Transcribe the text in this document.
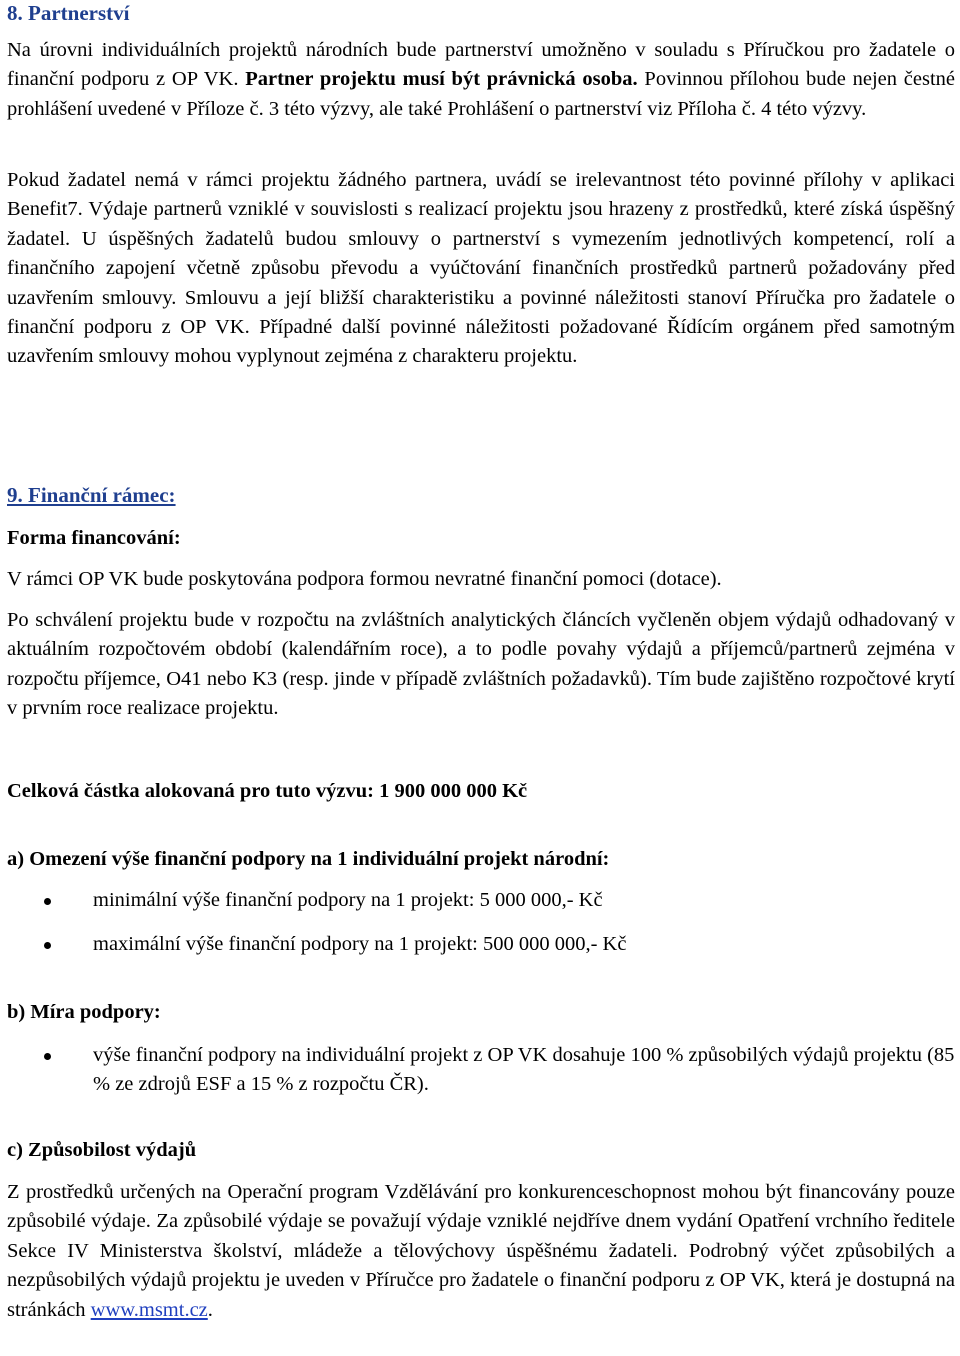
8. Partnerství

Na úrovni individuálních projektů národních bude partnerství umožněno v souladu s Příručkou pro žadatele o finanční podporu z OP VK. Partner projektu musí být právnická osoba. Povinnou přílohou bude nejen čestné prohlášení uvedené v Příloze č. 3 této výzvy, ale také Prohlášení o partnerství viz Příloha č. 4 této výzvy.

Pokud žadatel nemá v rámci projektu žádného partnera, uvádí se irelevantnost této povinné přílohy v aplikaci Benefit7. Výdaje partnerů vzniklé v souvislosti s realizací projektu jsou hrazeny z prostředků, které získá úspěšný žadatel. U úspěšných žadatelů budou smlouvy o partnerství s vymezením jednotlivých kompetencí, rolí a finančního zapojení včetně způsobu převodu a vyúčtování finančních prostředků partnerů požadovány před uzavřením smlouvy. Smlouvu a její bližší charakteristiku a povinné náležitosti stanoví Příručka pro žadatele o finanční podporu z OP VK. Případné další povinné náležitosti požadované Řídícím orgánem před samotným uzavřením smlouvy mohou vyplynout zejména z charakteru projektu.

9. Finanční rámec:
Forma financování:
V rámci OP VK bude poskytována podpora formou nevratné finanční pomoci (dotace).

Po schválení projektu bude v rozpočtu na zvláštních analytických článcích vyčleněn objem výdajů odhadovaný v aktuálním rozpočtovém období (kalendářním roce), a to podle povahy výdajů a příjemců/partnerů zejména v rozpočtu příjemce, O41 nebo K3 (resp. jinde v případě zvláštních požadavků). Tím bude zajištěno rozpočtové krytí v prvním roce realizace projektu.

Celková částka alokovaná pro tuto výzvu: 1 900 000 000 Kč
a) Omezení výše finanční podpory na 1 individuální projekt národní:
minimální výše finanční podpory na 1 projekt: 5 000 000,- Kč
maximální výše finanční podpory na 1 projekt: 500 000 000,- Kč
b) Míra podpory:
výše finanční podpory na individuální projekt z OP VK dosahuje 100 % způsobilých výdajů projektu (85 % ze zdrojů ESF a 15 % z rozpočtu ČR).
c) Způsobilost výdajů

Z prostředků určených na Operační program Vzdělávání pro konkurenceschopnost mohou být financovány pouze způsobilé výdaje. Za způsobilé výdaje se považují výdaje vzniklé nejdříve dnem vydání Opatření vrchního ředitele Sekce IV Ministerstva školství, mládeže a tělovýchovy úspěšnému žadateli. Podrobný výčet způsobilých a nezpůsobilých výdajů projektu je uveden v Příručce pro žadatele o finanční podporu z OP VK, která je dostupná na stránkách www.msmt.cz.
